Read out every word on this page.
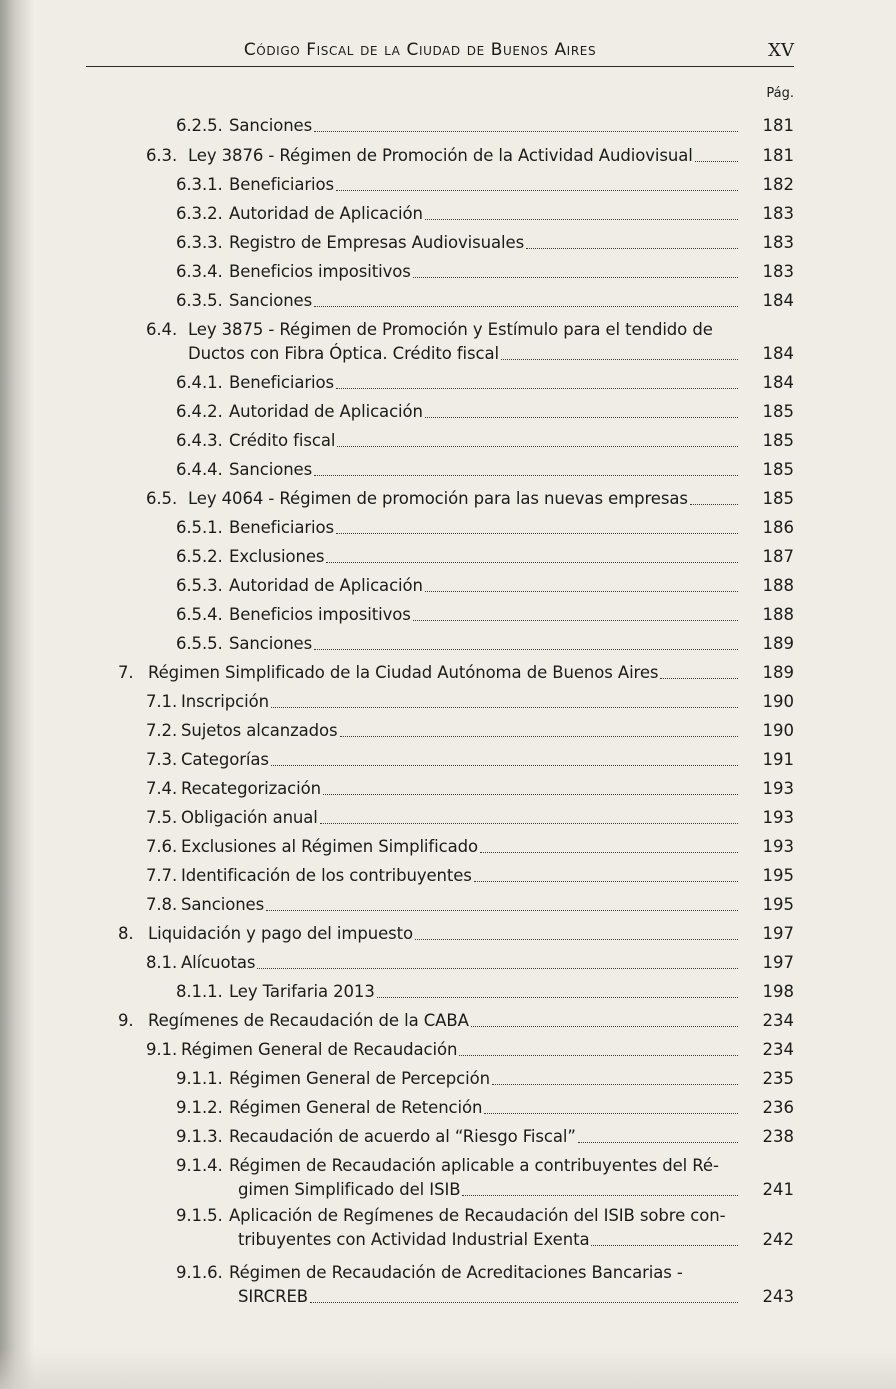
Código Fiscal de la Ciudad de Buenos Aires	XV
Pág.
6.2.5. Sanciones	181
6.3. Ley 3876 - Régimen de Promoción de la Actividad Audiovisual	181
6.3.1. Beneficiarios	182
6.3.2. Autoridad de Aplicación	183
6.3.3. Registro de Empresas Audiovisuales	183
6.3.4. Beneficios impositivos	183
6.3.5. Sanciones	184
6.4. Ley 3875 - Régimen de Promoción y Estímulo para el tendido de
Ductos con Fibra Óptica. Crédito fiscal	184
6.4.1. Beneficiarios	184
6.4.2. Autoridad de Aplicación	185
6.4.3. Crédito fiscal	185
6.4.4. Sanciones	185
6.5. Ley 4064 - Régimen de promoción para las nuevas empresas	185
6.5.1. Beneficiarios	186
6.5.2. Exclusiones	187
6.5.3. Autoridad de Aplicación	188
6.5.4. Beneficios impositivos	188
6.5.5. Sanciones	189
7. Régimen Simplificado de la Ciudad Autónoma de Buenos Aires	189
7.1. Inscripción	190
7.2. Sujetos alcanzados	190
7.3. Categorías	191
7.4. Recategorización	193
7.5. Obligación anual	193
7.6. Exclusiones al Régimen Simplificado	193
7.7. Identificación de los contribuyentes	195
7.8. Sanciones	195
8. Liquidación y pago del impuesto	197
8.1. Alícuotas	197
8.1.1. Ley Tarifaria 2013	198
9. Regímenes de Recaudación de la CABA	234
9.1. Régimen General de Recaudación	234
9.1.1. Régimen General de Percepción	235
9.1.2. Régimen General de Retención	236
9.1.3. Recaudación de acuerdo al “Riesgo Fiscal”	238
9.1.4. Régimen de Recaudación aplicable a contribuyentes del Ré-
gimen Simplificado del ISIB	241
9.1.5. Aplicación de Regímenes de Recaudación del ISIB sobre con-
tribuyentes con Actividad Industrial Exenta	242
9.1.6. Régimen de Recaudación de Acreditaciones Bancarias -
SIRCREB	243
